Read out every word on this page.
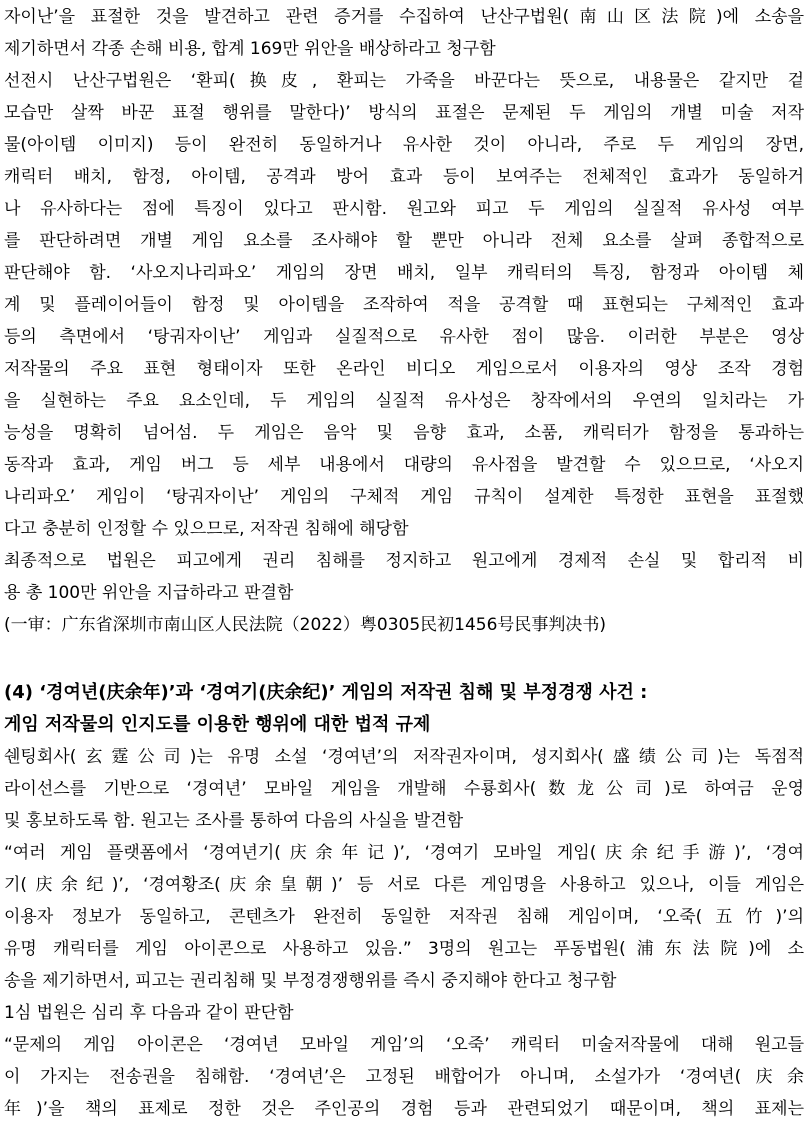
자이난’을 표절한 것을 발견하고 관련 증거를 수집하여 난산구법원(南山区法院)에 소송을
제기하면서 각종 손해 비용, 합계 169만 위안을 배상하라고 청구함
선전시 난산구법원은 ‘환피(换皮, 환피는 가죽을 바꾼다는 뜻으로, 내용물은 같지만 겉
모습만 살짝 바꾼 표절 행위를 말한다)’ 방식의 표절은 문제된 두 게임의 개별 미술 저작
물(아이템 이미지) 등이 완전히 동일하거나 유사한 것이 아니라, 주로 두 게임의 장면,
캐릭터 배치, 함정, 아이템, 공격과 방어 효과 등이 보여주는 전체적인 효과가 동일하거
나 유사하다는 점에 특징이 있다고 판시함. 원고와 피고 두 게임의 실질적 유사성 여부
를 판단하려면 개별 게임 요소를 조사해야 할 뿐만 아니라 전체 요소를 살펴 종합적으로
판단해야 함. ‘사오지나리파오’ 게임의 장면 배치, 일부 캐릭터의 특징, 함정과 아이템 체
계 및 플레이어들이 함정 및 아이템을 조작하여 적을 공격할 때 표현되는 구체적인 효과
등의 측면에서 ‘탕궈자이난’ 게임과 실질적으로 유사한 점이 많음. 이러한 부분은 영상
저작물의 주요 표현 형태이자 또한 온라인 비디오 게임으로서 이용자의 영상 조작 경험
을 실현하는 주요 요소인데, 두 게임의 실질적 유사성은 창작에서의 우연의 일치라는 가
능성을 명확히 넘어섬. 두 게임은 음악 및 음향 효과, 소품, 캐릭터가 함정을 통과하는
동작과 효과, 게임 버그 등 세부 내용에서 대량의 유사점을 발견할 수 있으므로, ‘사오지
나리파오’ 게임이 ‘탕궈자이난’ 게임의 구체적 게임 규칙이 설계한 특정한 표현을 표절했
다고 충분히 인정할 수 있으므로, 저작권 침해에 해당함
최종적으로 법원은 피고에게 권리 침해를 정지하고 원고에게 경제적 손실 및 합리적 비
용 총 100만 위안을 지급하라고 판결함
(一审：广东省深圳市南山区人民法院（2022）粤0305民初1456号民事判决书)
(4) ‘경여년(庆余年)’과 ‘경여기(庆余纪)’ 게임의 저작권 침해 및 부정경쟁 사건 :
게임 저작물의 인지도를 이용한 행위에 대한 법적 규제
쉔팅회사(玄霆公司)는 유명 소설 ‘경여년’의 저작권자이며, 셩지회사(盛绩公司)는 독점적
라이선스를 기반으로 ‘경여년’ 모바일 게임을 개발해 수룡회사(数龙公司)로 하여금 운영
및 홍보하도록 함. 원고는 조사를 통하여 다음의 사실을 발견함
“여러 게임 플랫폼에서 ‘경여년기(庆余年记)’, ‘경여기 모바일 게임(庆余纪手游)’, ‘경여
기(庆余纪)’, ‘경여황조(庆余皇朝)’ 등 서로 다른 게임명을 사용하고 있으나, 이들 게임은
이용자 정보가 동일하고, 콘텐츠가 완전히 동일한 저작권 침해 게임이며, ‘오죽(五竹)’의
유명 캐릭터를 게임 아이콘으로 사용하고 있음.” 3명의 원고는 푸동법원(浦东法院)에 소
송을 제기하면서, 피고는 권리침해 및 부정경쟁행위를 즉시 중지해야 한다고 청구함
1심 법원은 심리 후 다음과 같이 판단함
“문제의 게임 아이콘은 ‘경여년 모바일 게임’의 ‘오죽’ 캐릭터 미술저작물에 대해 원고들
이 가지는 전송권을 침해함. ‘경여년’은 고정된 배합어가 아니며, 소설가가 ‘경여년(庆余
年)’을 책의 표제로 정한 것은 주인공의 경험 등과 관련되었기 때문이며, 책의 표제는
